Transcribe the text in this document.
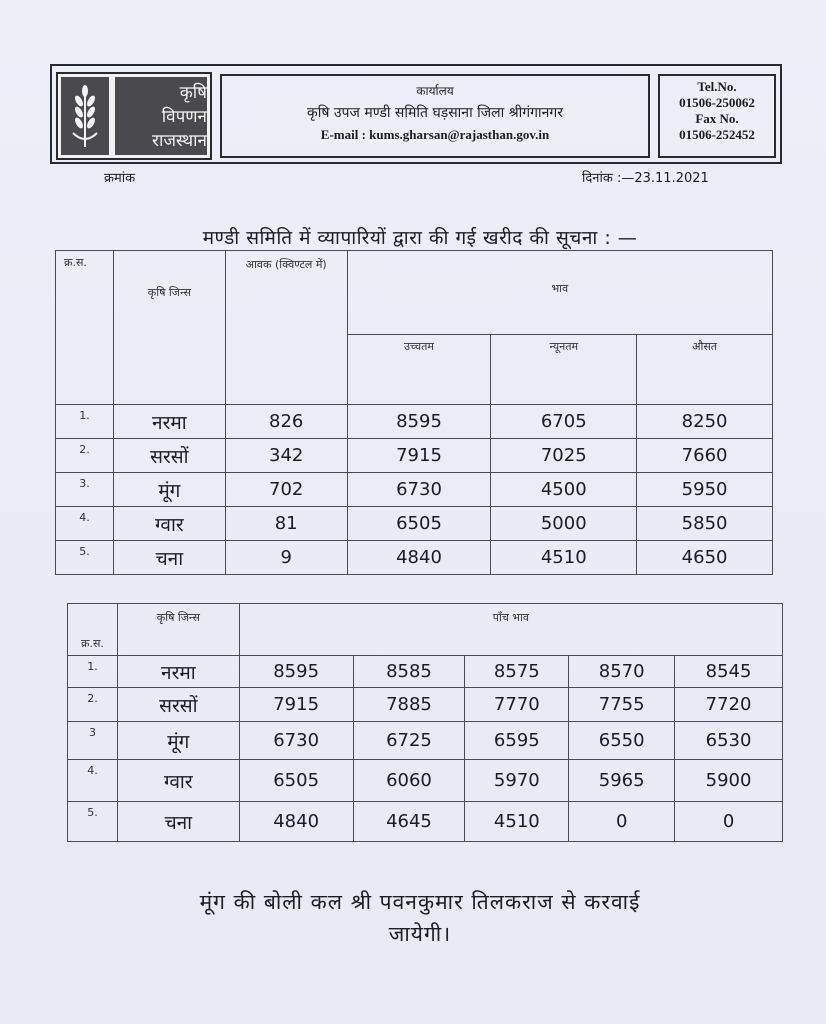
कृषि
विपणन
राजस्थान
कार्यालय
कृषि उपज मण्डी समिति घड़साना जिला श्रीगंगानगर
E-mail : kums.gharsan@rajasthan.gov.in
Tel.No.
01506-250062
Fax No.
01506-252452
क्रमांक	दिनांक :—23.11.2021
मण्डी समिति में व्यापारियों द्वारा की गई खरीद की सूचना : —
क्र.स.	कृषि जिन्स	आवक (क्विण्टल में)	भाव		
			उच्चतम	न्यूनतम	औसत
1.	नरमा	826	8595	6705	8250
2.	सरसों	342	7915	7025	7660
3.	मूंग	702	6730	4500	5950
4.	ग्वार	81	6505	5000	5850
5.	चना	9	4840	4510	4650
क्र.स.	कृषि जिन्स	पाँच भाव				
1.	नरमा	8595	8585	8575	8570	8545
2.	सरसों	7915	7885	7770	7755	7720
3	मूंग	6730	6725	6595	6550	6530
4.	ग्वार	6505	6060	5970	5965	5900
5.	चना	4840	4645	4510	0	0
मूंग की बोली कल श्री पवनकुमार तिलकराज से करवाई
जायेगी।
